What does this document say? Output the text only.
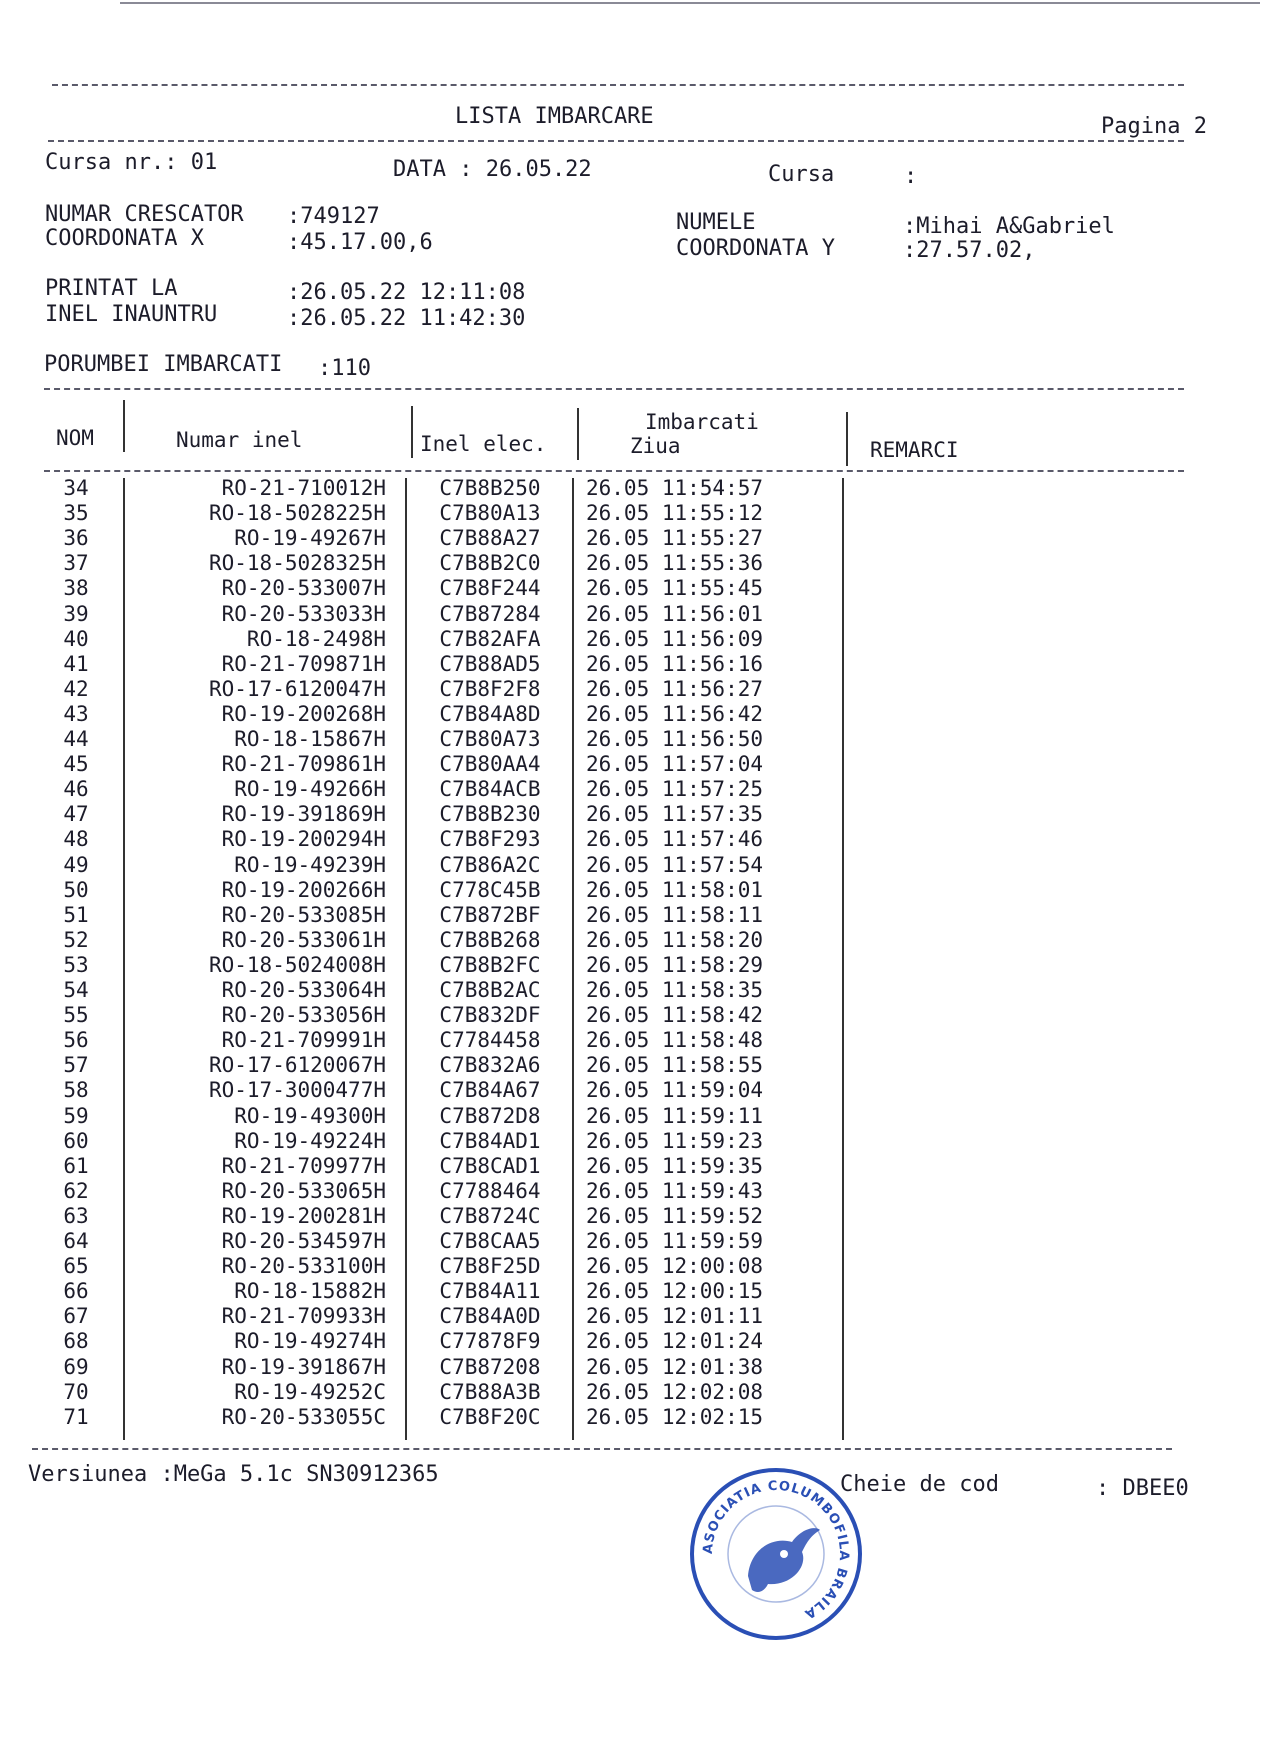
LISTA IMBARCARE	Pagina 2
Cursa nr.: 01	DATA : 26.05.22	Cursa	:
NUMAR CRESCATOR :749127
COORDONATA X	:45.17.00,6
NUMELE	:Mihai A&Gabriel
COORDONATA Y	:27.57.02,
PRINTAT LA	:26.05.22 12:11:08
INEL INAUNTRU	:26.05.22 11:42:30
PORUMBEI IMBARCATI :110
NOM	Numar inel	Inel elec.
Imbarcati
Ziua	REMARCI
34	RO-21-710012H	C7B8B250	26.05 11:54:57
35	RO-18-5028225H	C7B80A13	26.05 11:55:12
36	RO-19-49267H	C7B88A27	26.05 11:55:27
37	RO-18-5028325H	C7B8B2C0	26.05 11:55:36
38	RO-20-533007H	C7B8F244	26.05 11:55:45
39	RO-20-533033H	C7B87284	26.05 11:56:01
40	RO-18-2498H	C7B82AFA	26.05 11:56:09
41	RO-21-709871H	C7B88AD5	26.05 11:56:16
42	RO-17-6120047H	C7B8F2F8	26.05 11:56:27
43	RO-19-200268H	C7B84A8D	26.05 11:56:42
44	RO-18-15867H	C7B80A73	26.05 11:56:50
45	RO-21-709861H	C7B80AA4	26.05 11:57:04
46	RO-19-49266H	C7B84ACB	26.05 11:57:25
47	RO-19-391869H	C7B8B230	26.05 11:57:35
48	RO-19-200294H	C7B8F293	26.05 11:57:46
49	RO-19-49239H	C7B86A2C	26.05 11:57:54
50	RO-19-200266H	C778C45B	26.05 11:58:01
51	RO-20-533085H	C7B872BF	26.05 11:58:11
52	RO-20-533061H	C7B8B268	26.05 11:58:20
53	RO-18-5024008H	C7B8B2FC	26.05 11:58:29
54	RO-20-533064H	C7B8B2AC	26.05 11:58:35
55	RO-20-533056H	C7B832DF	26.05 11:58:42
56	RO-21-709991H	C7784458	26.05 11:58:48
57	RO-17-6120067H	C7B832A6	26.05 11:58:55
58	RO-17-3000477H	C7B84A67	26.05 11:59:04
59	RO-19-49300H	C7B872D8	26.05 11:59:11
60	RO-19-49224H	C7B84AD1	26.05 11:59:23
61	RO-21-709977H	C7B8CAD1	26.05 11:59:35
62	RO-20-533065H	C7788464	26.05 11:59:43
63	RO-19-200281H	C7B8724C	26.05 11:59:52
64	RO-20-534597H	C7B8CAA5	26.05 11:59:59
65	RO-20-533100H	C7B8F25D	26.05 12:00:08
66	RO-18-15882H	C7B84A11	26.05 12:00:15
67	RO-21-709933H	C7B84A0D	26.05 12:01:11
68	RO-19-49274H	C77878F9	26.05 12:01:24
69	RO-19-391867H	C7B87208	26.05 12:01:38
70	RO-19-49252C	C7B88A3B	26.05 12:02:08
71	RO-20-533055C	C7B8F20C	26.05 12:02:15
Versiunea :MeGa 5.1c SN30912365	Cheie de cod	: DBEE0
ASOCIATIA COLUMBOFILA BRAILA
